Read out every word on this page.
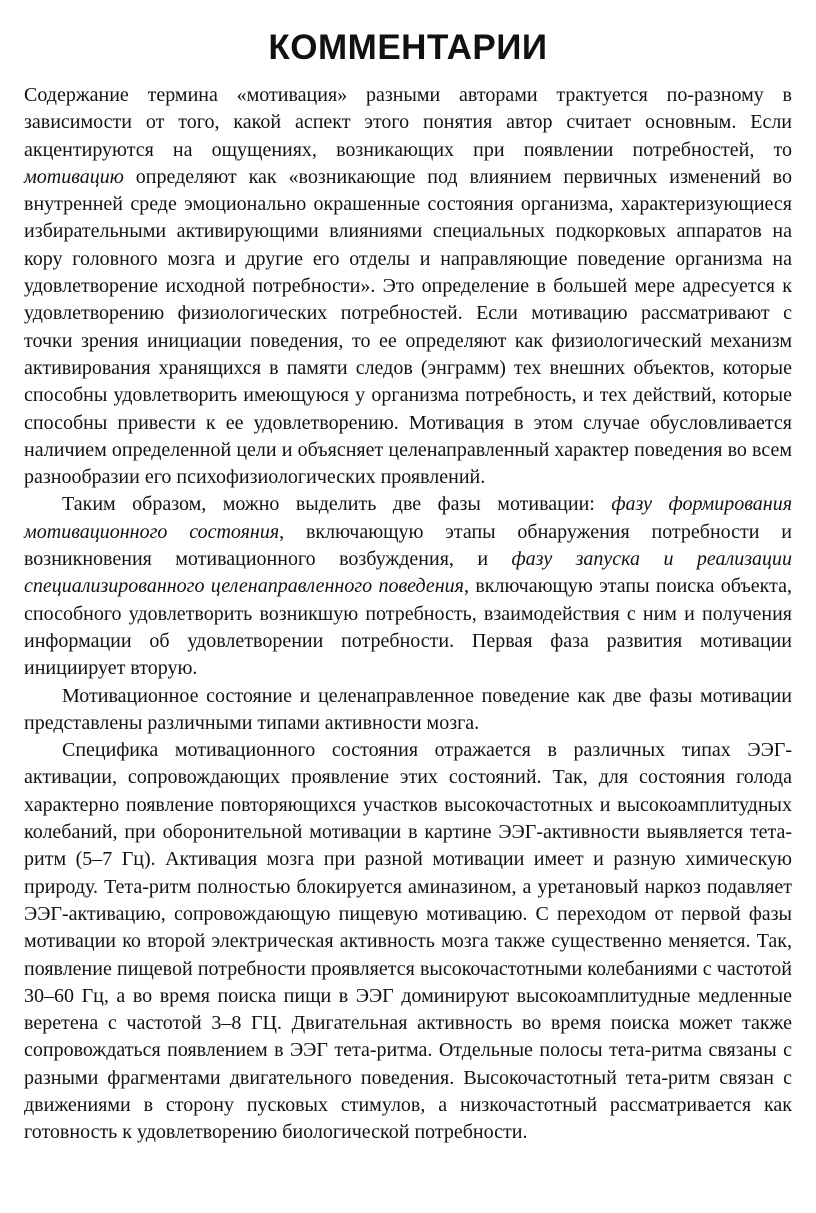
КОММЕНТАРИИ

Содержание термина «мотивация» разными авторами трактуется по-разному в зависимости от того, какой аспект этого понятия автор считает основным. Если акцентируются на ощущениях, возникающих при появлении потребностей, то мотивацию определяют как «возникающие под влиянием первичных изменений во внутренней среде эмоционально окрашенные состояния организма, характеризующиеся избирательными активирующими влияниями специальных подкорковых аппаратов на кору головного мозга и другие его отделы и направляющие поведение организма на удовлетворение исходной потребности». Это определение в большей мере адресуется к удовлетворению физиологических потребностей. Если мотивацию рассматривают с точки зрения инициации поведения, то ее определяют как физиологический механизм активирования хранящихся в памяти следов (энграмм) тех внешних объектов, которые способны удовлетворить имеющуюся у организма потребность, и тех действий, которые способны привести к ее удовлетворению. Мотивация в этом случае обусловливается наличием определенной цели и объясняет целенаправленный характер поведения во всем разнообразии его психофизиологических проявлений.

Таким образом, можно выделить две фазы мотивации: фазу формирования мотивационного состояния, включающую этапы обнаружения потребности и возникновения мотивационного возбуждения, и фазу запуска и реализации специализированного целенаправленного поведения, включающую этапы поиска объекта, способного удовлетворить возникшую потребность, взаимодействия с ним и получения информации об удовлетворении потребности. Первая фаза развития мотивации инициирует вторую.

Мотивационное состояние и целенаправленное поведение как две фазы мотивации представлены различными типами активности мозга.

Специфика мотивационного состояния отражается в различных типах ЭЭГ-активации, сопровождающих проявление этих состояний. Так, для состояния голода характерно появление повторяющихся участков высокочастотных и высокоамплитудных колебаний, при оборонительной мотивации в картине ЭЭГ-активности выявляется тета-ритм (5–7 Гц). Активация мозга при разной мотивации имеет и разную химическую природу. Тета-ритм полностью блокируется аминазином, а уретановый наркоз подавляет ЭЭГ-активацию, сопровождающую пищевую мотивацию. С переходом от первой фазы мотивации ко второй электрическая активность мозга также существенно меняется. Так, появление пищевой потребности проявляется высокочастотными колебаниями с частотой 30–60 Гц, а во время поиска пищи в ЭЭГ доминируют высокоамплитудные медленные веретена с частотой 3–8 ГЦ. Двигательная активность во время поиска может также сопровождаться появлением в ЭЭГ тета-ритма. Отдельные полосы тета-ритма связаны с разными фрагментами двигательного поведения. Высокочастотный тета-ритм связан с движениями в сторону пусковых стимулов, а низкочастотный рассматривается как готовность к удовлетворению биологической потребности.
